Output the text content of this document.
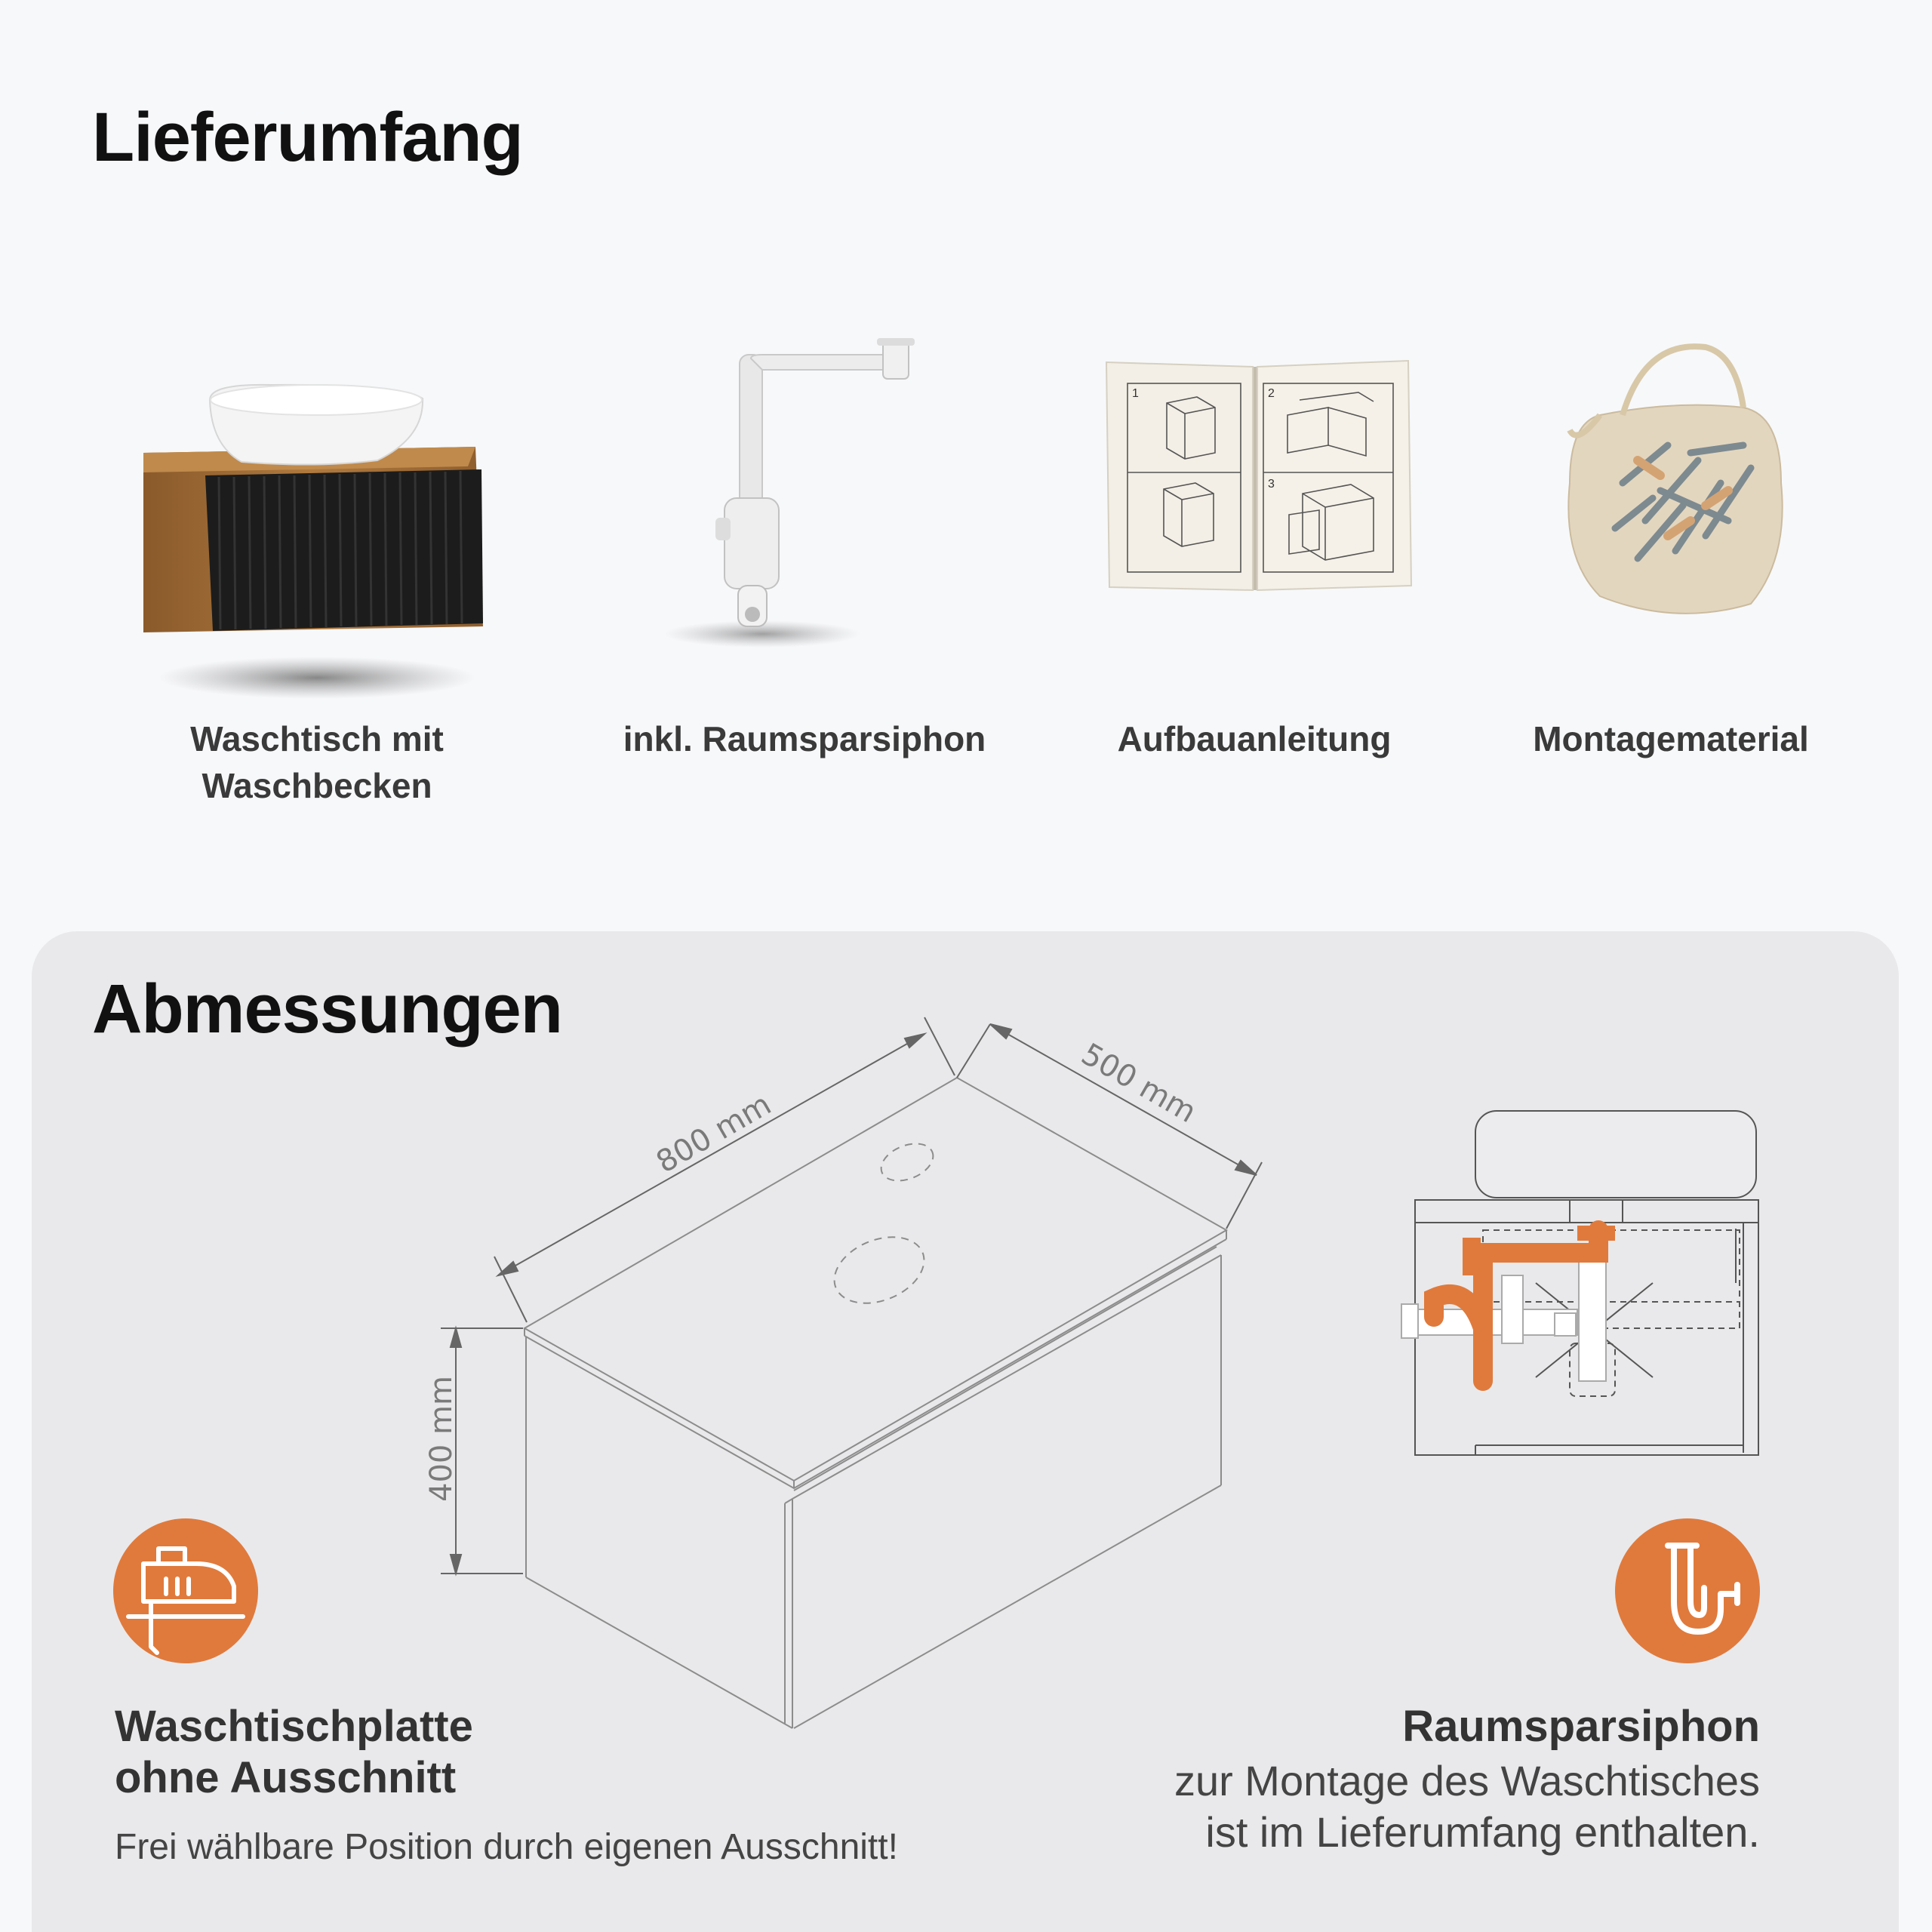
Lieferumfang
Waschtisch mit
Waschbecken
inkl. Raumsparsiphon
1	2
3
Aufbauanleitung	Montagematerial
Abmessungen
800 mm
500 mm
400 mm
Waschtischplatte
ohne Ausschnitt
Frei wählbare Position durch eigenen Ausschnitt!
Raumsparsiphon
zur Montage des Waschtisches
ist im Lieferumfang enthalten.
